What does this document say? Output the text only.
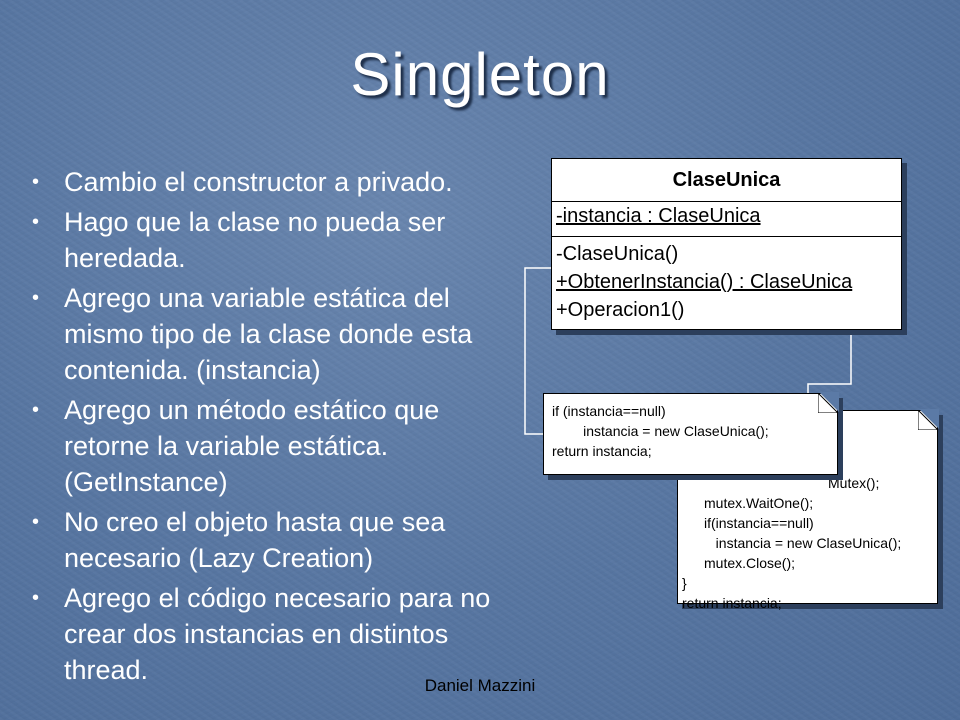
Singleton
• Cambio el constructor a privado.
• Hago que la clase no pueda ser heredada.
• Agrego una variable estática del mismo tipo de la clase donde esta contenida. (instancia)
• Agrego un método estático que retorne la variable estática. (GetInstance)
• No creo el objeto hasta que sea necesario (Lazy Creation)
• Agrego el código necesario para no crear dos instancias en distintos thread.
ClaseUnica
-instancia : ClaseUnica
-ClaseUnica()
+ObtenerInstancia() : ClaseUnica
+Operacion1()
Mutex();
mutex.WaitOne();
if(instancia==null)
instancia = new ClaseUnica();
mutex.Close();
}
return instancia;
if (instancia==null)
instancia = new ClaseUnica();
return instancia;
Daniel Mazzini
